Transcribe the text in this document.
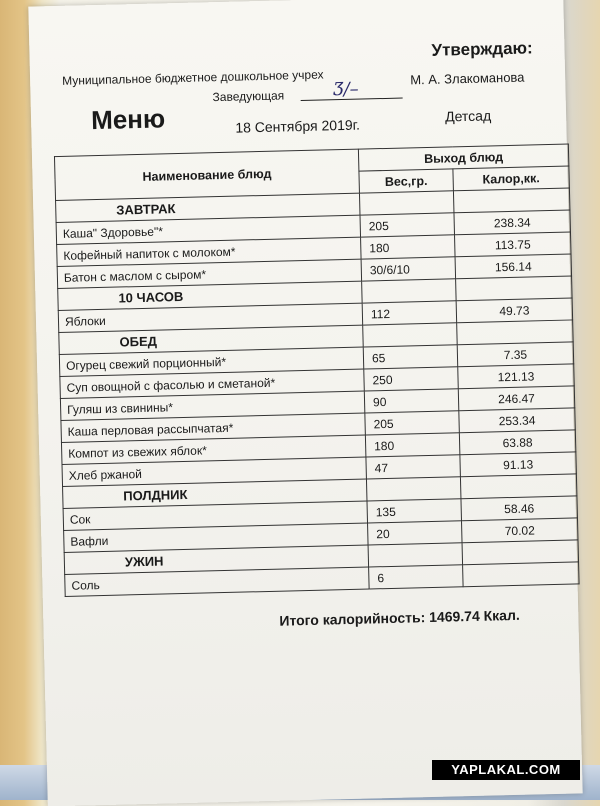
Муниципальное бюджетное дошкольное учрех
Утверждаю:
Заведующая	Ӡ/–
М. А. Злакоманова
Меню	18 Сентября 2019г.
Детсад
Наименование блюд	Выход блюд	
	Вес,гр.	Калор,кк.
ЗАВТРАК		
Каша" Здоровье"*	205	238.34
Кофейный напиток с молоком*	180	113.75
Батон с маслом с сыром*	30/6/10	156.14
10 ЧАСОВ		
Яблоки	112	49.73
ОБЕД		
Огурец свежий порционный*	65	7.35
Суп овощной с фасолью и сметаной*	250	121.13
Гуляш из свинины*	90	246.47
Каша перловая рассыпчатая*	205	253.34
Компот из свежих яблок*	180	63.88
Хлеб ржаной	47	91.13
ПОЛДНИК		
Сок	135	58.46
Вафли	20	70.02
УЖИН		
Соль	6	
Итого калорийность: 1469.74 Ккал.
YAPLAKAL.COM
